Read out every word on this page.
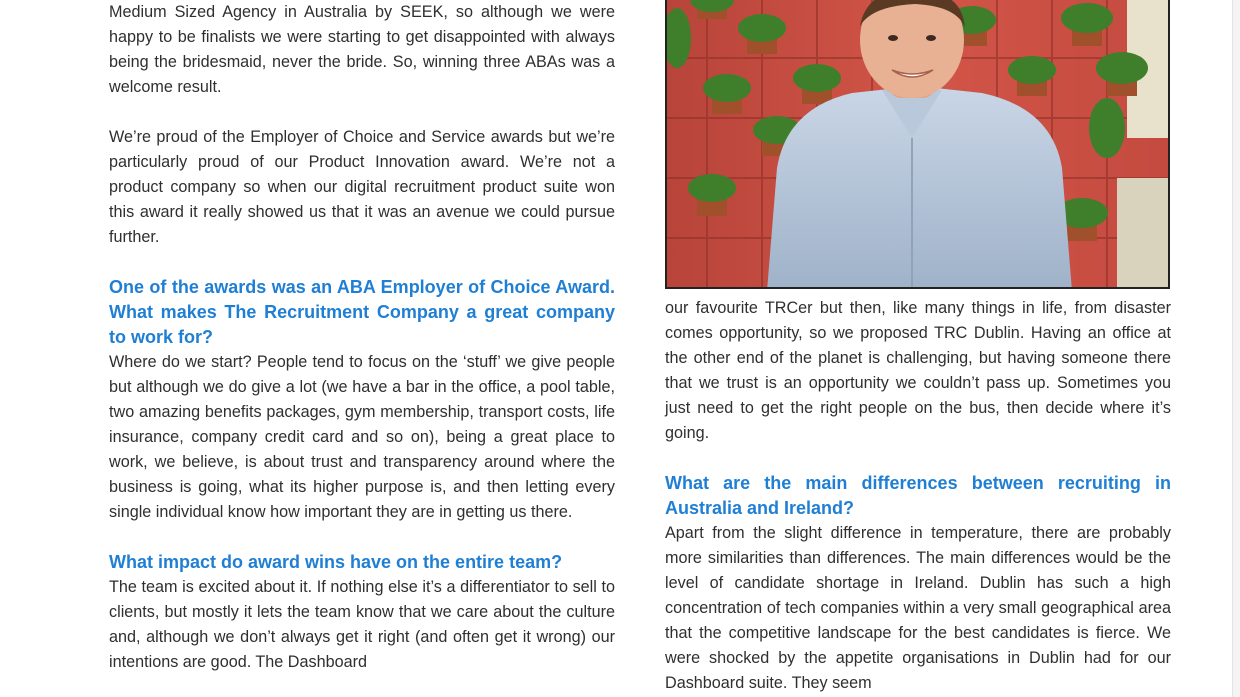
Medium Sized Agency in Australia by SEEK, so although we were happy to be finalists we were starting to get disappointed with always being the bridesmaid, never the bride. So, winning three ABAs was a welcome result.

We’re proud of the Employer of Choice and Service awards but we’re particularly proud of our Product Innovation award. We’re not a product company so when our digital recruitment product suite won this award it really showed us that it was an avenue we could pursue further.

One of the awards was an ABA Employer of Choice Award. What makes The Recruitment Company a great company to work for?

Where do we start? People tend to focus on the ‘stuff’ we give people but although we do give a lot (we have a bar in the office, a pool table, two amazing benefits packages, gym membership, transport costs, life insurance, company credit card and so on), being a great place to work, we believe, is about trust and transparency around where the business is going, what its higher purpose is, and then letting every single individual know how important they are in getting us there.

What impact do award wins have on the entire team?

The team is excited about it. If nothing else it’s a differentiator to sell to clients, but mostly it lets the team know that we care about the culture and, although we don’t always get it right (and often get it wrong) our intentions are good. The Dashboard

our favourite TRCer but then, like many things in life, from disaster comes opportunity, so we proposed TRC Dublin. Having an office at the other end of the planet is challenging, but having someone there that we trust is an opportunity we couldn’t pass up. Sometimes you just need to get the right people on the bus, then decide where it’s going.

What are the main differences between recruiting in Australia and Ireland?

Apart from the slight difference in temperature, there are probably more similarities than differences. The main differences would be the level of candidate shortage in Ireland. Dublin has such a high concentration of tech companies within a very small geographical area that the competitive landscape for the best candidates is fierce. We were shocked by the appetite organisations in Dublin had for our Dashboard suite. They seem
